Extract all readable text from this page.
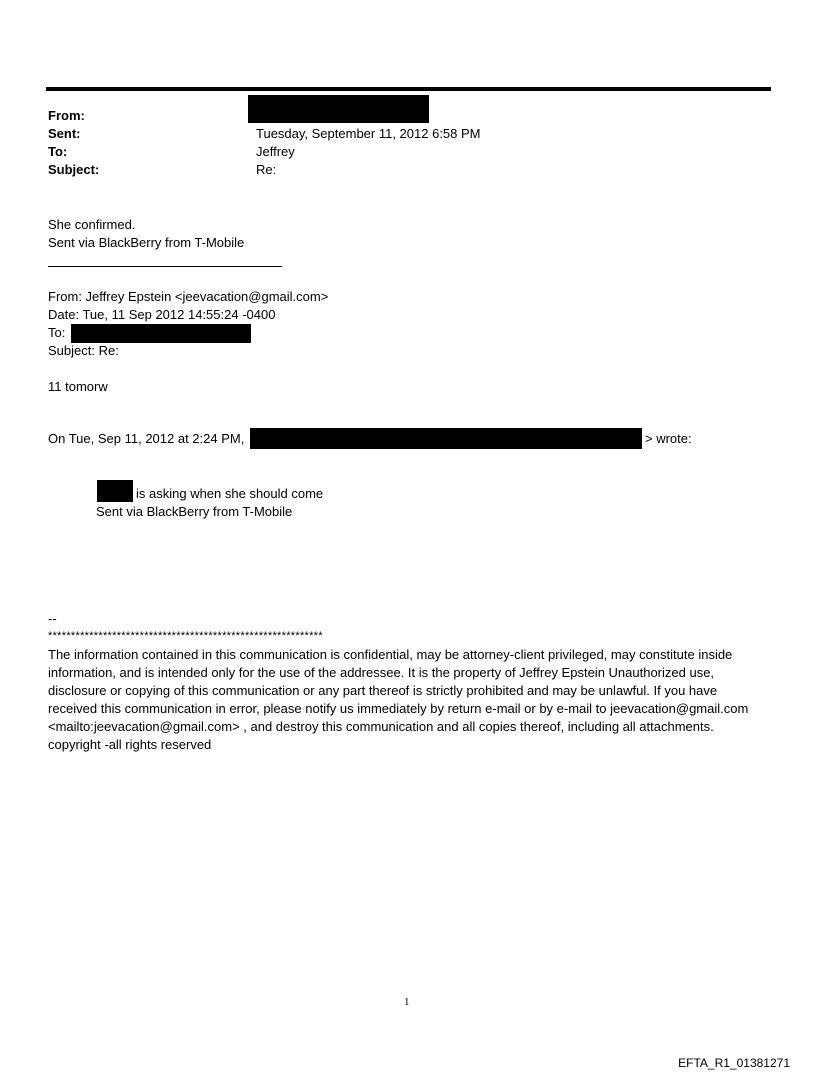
From:
Sent:	Tuesday, September 11, 2012 6:58 PM
To:	Jeffrey
Subject:	Re:
She confirmed.
Sent via BlackBerry from T-Mobile
From: Jeffrey Epstein <jeevacation@gmail.com>
Date: Tue, 11 Sep 2012 14:55:24 -0400
To:
Subject: Re:
11 tomorw
On Tue, Sep 11, 2012 at 2:24 PM,	> wrote:
is asking when she should come
Sent via BlackBerry from T-Mobile
--
************************************************************
The information contained in this communication is confidential, may be attorney-client privileged, may constitute inside information, and is intended only for the use of the addressee. It is the property of Jeffrey Epstein Unauthorized use, disclosure or copying of this communication or any part thereof is strictly prohibited and may be unlawful. If you have received this communication in error, please notify us immediately by return e-mail or by e-mail to jeevacation@gmail.com <mailto:jeevacation@gmail.com> , and destroy this communication and all copies thereof, including all attachments. copyright -all rights reserved
1
EFTA_R1_01381271
